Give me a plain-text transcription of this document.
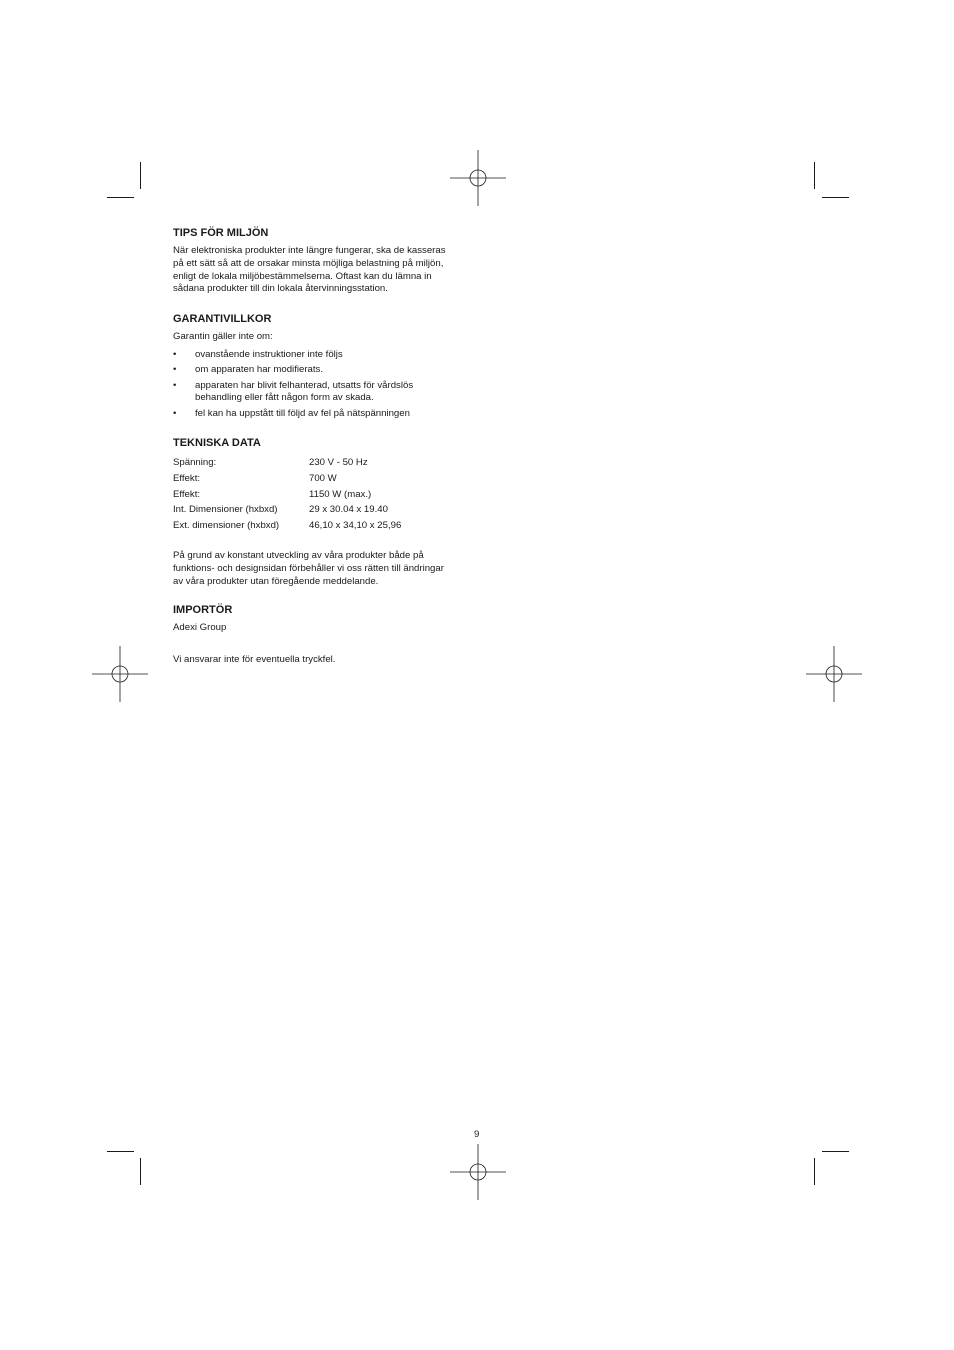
TIPS FÖR MILJÖN

När elektroniska produkter inte längre fungerar, ska de kasseras

på ett sätt så att de orsakar minsta möjliga belastning på miljön,

enligt de lokala miljöbestämmelserna. Oftast kan du lämna in

sådana produkter till din lokala återvinningsstation.

GARANTIVILLKOR

Garantin gäller inte om:

• ovanstående instruktioner inte följs
• om apparaten har modifierats.
• apparaten har blivit felhanterad, utsatts för vårdslös
behandling eller fått någon form av skada.
• fel kan ha uppstått till följd av fel på nätspänningen
TEKNISKA DATA
Spänning:	230 V - 50 Hz
Effekt:	700 W
Effekt:	1150 W (max.)
Int. Dimensioner (hxbxd)	29 x 30.04 x 19.40
Ext. dimensioner (hxbxd)	46,10 x 34,10 x 25,96

På grund av konstant utveckling av våra produkter både på

funktions- och designsidan förbehåller vi oss rätten till ändringar

av våra produkter utan föregående meddelande.

IMPORTÖR

Adexi Group

Vi ansvarar inte för eventuella tryckfel.

9
